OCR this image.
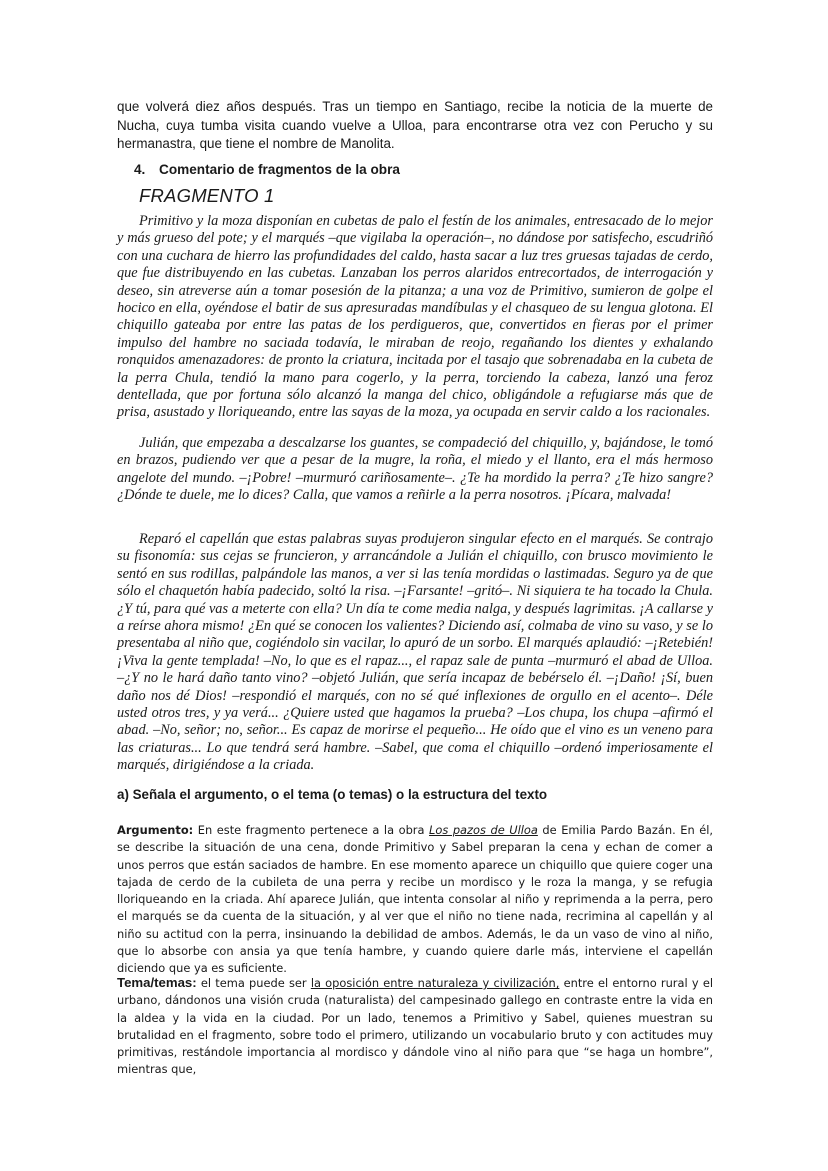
que volverá diez años después. Tras un tiempo en Santiago, recibe la noticia de la muerte de Nucha, cuya tumba visita cuando vuelve a Ulloa, para encontrarse otra vez con Perucho y su hermanastra, que tiene el nombre de Manolita.

4. Comentario de fragmentos de la obra

FRAGMENTO 1

Primitivo y la moza disponían en cubetas de palo el festín de los animales, entresacado de lo mejor y más grueso del pote; y el marqués –que vigilaba la operación–, no dándose por satisfecho, escudriñó con una cuchara de hierro las profundidades del caldo, hasta sacar a luz tres gruesas tajadas de cerdo, que fue distribuyendo en las cubetas. Lanzaban los perros alaridos entrecortados, de interrogación y deseo, sin atreverse aún a tomar posesión de la pitanza; a una voz de Primitivo, sumieron de golpe el hocico en ella, oyéndose el batir de sus apresuradas mandíbulas y el chasqueo de su lengua glotona. El chiquillo gateaba por entre las patas de los perdigueros, que, convertidos en fieras por el primer impulso del hambre no saciada todavía, le miraban de reojo, regañando los dientes y exhalando ronquidos amenazadores: de pronto la criatura, incitada por el tasajo que sobrenadaba en la cubeta de la perra Chula, tendió la mano para cogerlo, y la perra, torciendo la cabeza, lanzó una feroz dentellada, que por fortuna sólo alcanzó la manga del chico, obligándole a refugiarse más que de prisa, asustado y lloriqueando, entre las sayas de la moza, ya ocupada en servir caldo a los racionales.

Julián, que empezaba a descalzarse los guantes, se compadeció del chiquillo, y, bajándose, le tomó en brazos, pudiendo ver que a pesar de la mugre, la roña, el miedo y el llanto, era el más hermoso angelote del mundo. –¡Pobre! –murmuró cariñosamente–. ¿Te ha mordido la perra? ¿Te hizo sangre? ¿Dónde te duele, me lo dices? Calla, que vamos a reñirle a la perra nosotros. ¡Pícara, malvada!

Reparó el capellán que estas palabras suyas produjeron singular efecto en el marqués. Se contrajo su fisonomía: sus cejas se fruncieron, y arrancándole a Julián el chiquillo, con brusco movimiento le sentó en sus rodillas, palpándole las manos, a ver si las tenía mordidas o lastimadas. Seguro ya de que sólo el chaquetón había padecido, soltó la risa. –¡Farsante! –gritó–. Ni siquiera te ha tocado la Chula. ¿Y tú, para qué vas a meterte con ella? Un día te come media nalga, y después lagrimitas. ¡A callarse y a reírse ahora mismo! ¿En qué se conocen los valientes? Diciendo así, colmaba de vino su vaso, y se lo presentaba al niño que, cogiéndolo sin vacilar, lo apuró de un sorbo. El marqués aplaudió: –¡Retebién! ¡Viva la gente templada! –No, lo que es el rapaz..., el rapaz sale de punta –murmuró el abad de Ulloa. –¿Y no le hará daño tanto vino? –objetó Julián, que sería incapaz de bebérselo él. –¡Daño! ¡Sí, buen daño nos dé Dios! –respondió el marqués, con no sé qué inflexiones de orgullo en el acento–. Déle usted otros tres, y ya verá... ¿Quiere usted que hagamos la prueba? –Los chupa, los chupa –afirmó el abad. –No, señor; no, señor... Es capaz de morirse el pequeño... He oído que el vino es un veneno para las criaturas... Lo que tendrá será hambre. –Sabel, que coma el chiquillo –ordenó imperiosamente el marqués, dirigiéndose a la criada.

a) Señala el argumento, o el tema (o temas) o la estructura del texto

Argumento: En este fragmento pertenece a la obra Los pazos de Ulloa de Emilia Pardo Bazán. En él, se describe la situación de una cena, donde Primitivo y Sabel preparan la cena y echan de comer a unos perros que están saciados de hambre. En ese momento aparece un chiquillo que quiere coger una tajada de cerdo de la cubileta de una perra y recibe un mordisco y le roza la manga, y se refugia lloriqueando en la criada. Ahí aparece Julián, que intenta consolar al niño y reprimenda a la perra, pero el marqués se da cuenta de la situación, y al ver que el niño no tiene nada, recrimina al capellán y al niño su actitud con la perra, insinuando la debilidad de ambos. Además, le da un vaso de vino al niño, que lo absorbe con ansia ya que tenía hambre, y cuando quiere darle más, interviene el capellán diciendo que ya es suficiente.

Tema/temas: el tema puede ser la oposición entre naturaleza y civilización, entre el entorno rural y el urbano, dándonos una visión cruda (naturalista) del campesinado gallego en contraste entre la vida en la aldea y la vida en la ciudad. Por un lado, tenemos a Primitivo y Sabel, quienes muestran su brutalidad en el fragmento, sobre todo el primero, utilizando un vocabulario bruto y con actitudes muy primitivas, restándole importancia al mordisco y dándole vino al niño para que “se haga un hombre”, mientras que,
